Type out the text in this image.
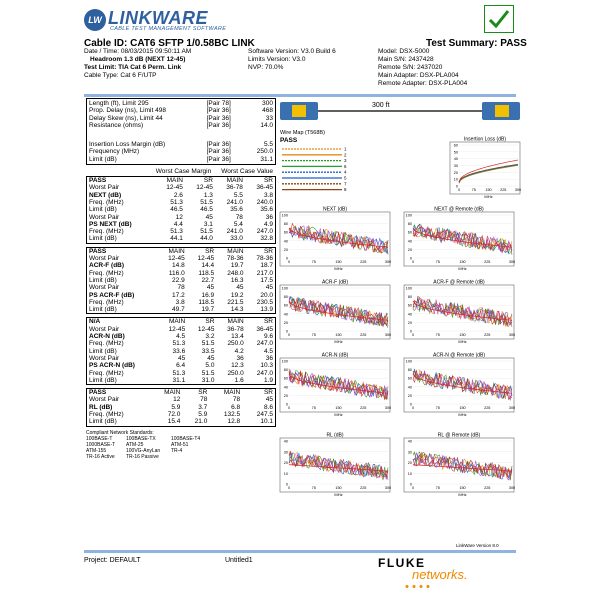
LW LINKWARE
CABLE TEST MANAGEMENT SOFTWARE
Cable ID: CAT6 SFTP 1/0.58BC LINK	Test Summary: PASS
Date / Time: 08/03/2015 09:50:11 AM
Headroom 1.3 dB (NEXT 12-45)
Test Limit: TIA Cat 6 Perm. Link
Cable Type: Cat 6 F/UTP
Software Version: V3.0 Build 6
Limits Version: V3.0
NVP: 70.0%
Model: DSX-5000
Main S/N: 2437428
Remote S/N: 2437020
Main Adapter: DSX-PLA004
Remote Adapter: DSX-PLA004
Length (ft), Limit 295	[Pair 78]	300
Prop. Delay (ns), Limit 498	[Pair 36]	468
Delay Skew (ns), Limit 44	[Pair 36]	33
Resistance (ohms)	[Pair 36]	14.0

Insertion Loss Margin (dB)	[Pair 36]	5.5
Frequency (MHz)	[Pair 36]	250.0
Limit (dB)	[Pair 36]	31.1
Worst Case Margin Worst Case Value
PASS	MAIN	SR	MAIN	SR
Worst Pair	12-45	12-45	36-78	36-45
NEXT (dB)	2.6	1.3	5.5	3.8
Freq. (MHz)	51.3	51.5	241.0	240.0
Limit (dB)	46.5	46.5	35.6	35.6
Worst Pair	12	45	78	36
PS NEXT (dB)	4.4	3.1	5.4	4.9
Freq. (MHz)	51.3	51.5	241.0	247.0
Limit (dB)	44.1	44.0	33.0	32.8
PASS	MAIN	SR	MAIN	SR
Worst Pair	12-45	12-45	78-36	78-36
ACR-F (dB)	14.8	14.4	19.7	18.7
Freq. (MHz)	116.0	118.5	248.0	217.0
Limit (dB)	22.9	22.7	16.3	17.5
Worst Pair	78	45	45	45
PS ACR-F (dB)	17.2	16.9	19.2	20.0
Freq. (MHz)	3.8	118.5	221.5	230.5
Limit (dB)	49.7	19.7	14.3	13.9
N/A	MAIN	SR	MAIN	SR
Worst Pair	12-45	12-45	36-78	36-45
ACR-N (dB)	4.5	3.2	13.4	9.6
Freq. (MHz)	51.3	51.5	250.0	247.0
Limit (dB)	33.6	33.5	4.2	4.5
Worst Pair	45	45	36	36
PS ACR-N (dB)	6.4	5.0	12.3	10.3
Freq. (MHz)	51.3	51.5	250.0	247.0
Limit (dB)	31.1	31.0	1.6	1.9
PASS	MAIN	SR	MAIN	SR
Worst Pair	12	78	78	45
RL (dB)	5.9	3.7	6.8	8.6
Freq. (MHz)	72.0	5.9	132.5	247.5
Limit (dB)	15.4	21.0	12.8	10.1
Compliant Network Standards:
100BASE-T	100BASE-TX	100BASE-T4
1000BASE-T	ATM-25	ATM-51
ATM-155	100VG-AnyLan	TR-4
TR-16 Active	TR-16 Passive
300 ft
Wire Map (T568B)
PASS
1
2
3
6
4
5
7
8
Insertion Loss (dB)
60
50
40
30
20
10
0
0	75 150 225 300
MHz
NEXT (dB)
100
80
60
40
20
0
0	75	150	225	300
MHz
NEXT @ Remote (dB)
100
80
60
40
20
0
0	75	150	225	300
MHz
ACR-F (dB)
100
80
60
40
20
0
0	75	150	225	300
MHz
ACR-F @ Remote (dB)
100
80
60
40
20
0
0	75	150	225	300
MHz
ACR-N (dB)
100
80
60
40
20
0
0	75	150	225	300
MHz
ACR-N @ Remote (dB)
100
80
60
40
20
0
0	75	150	225	300
MHz
RL (dB)
40
30
20
10
0
0	75	150	225	300
MHz
RL @ Remote (dB)
40
30
20
10
0
0	75	150	225	300
MHz
LinkWare Version 8.0
Project: DEFAULT	Untitled1	FLUKE
networks.
